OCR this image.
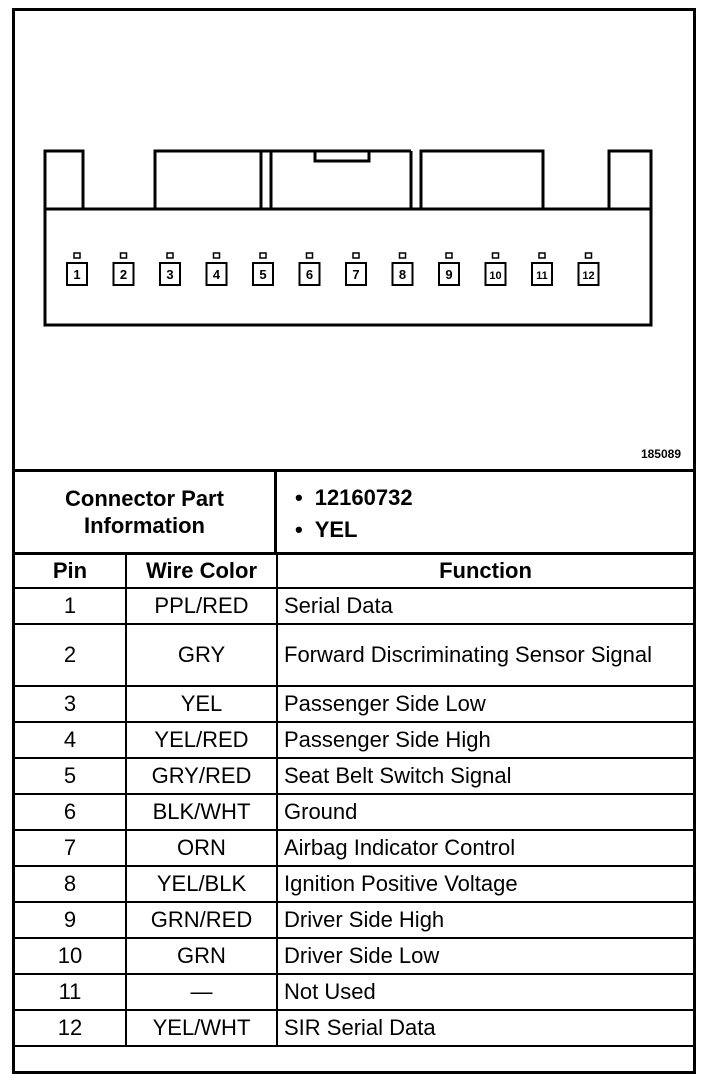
1	2	3	4	5	6	7	8	9	10	11	12
185089
Connector Part
Information
• 12160732
• YEL
Pin	Wire Color	Function
1	PPL/RED	Serial Data
2	GRY	Forward Discriminating Sensor Signal
3	YEL	Passenger Side Low
4	YEL/RED	Passenger Side High
5	GRY/RED	Seat Belt Switch Signal
6	BLK/WHT	Ground
7	ORN	Airbag Indicator Control
8	YEL/BLK	Ignition Positive Voltage
9	GRN/RED	Driver Side High
10	GRN	Driver Side Low
11	—	Not Used
12	YEL/WHT	SIR Serial Data
